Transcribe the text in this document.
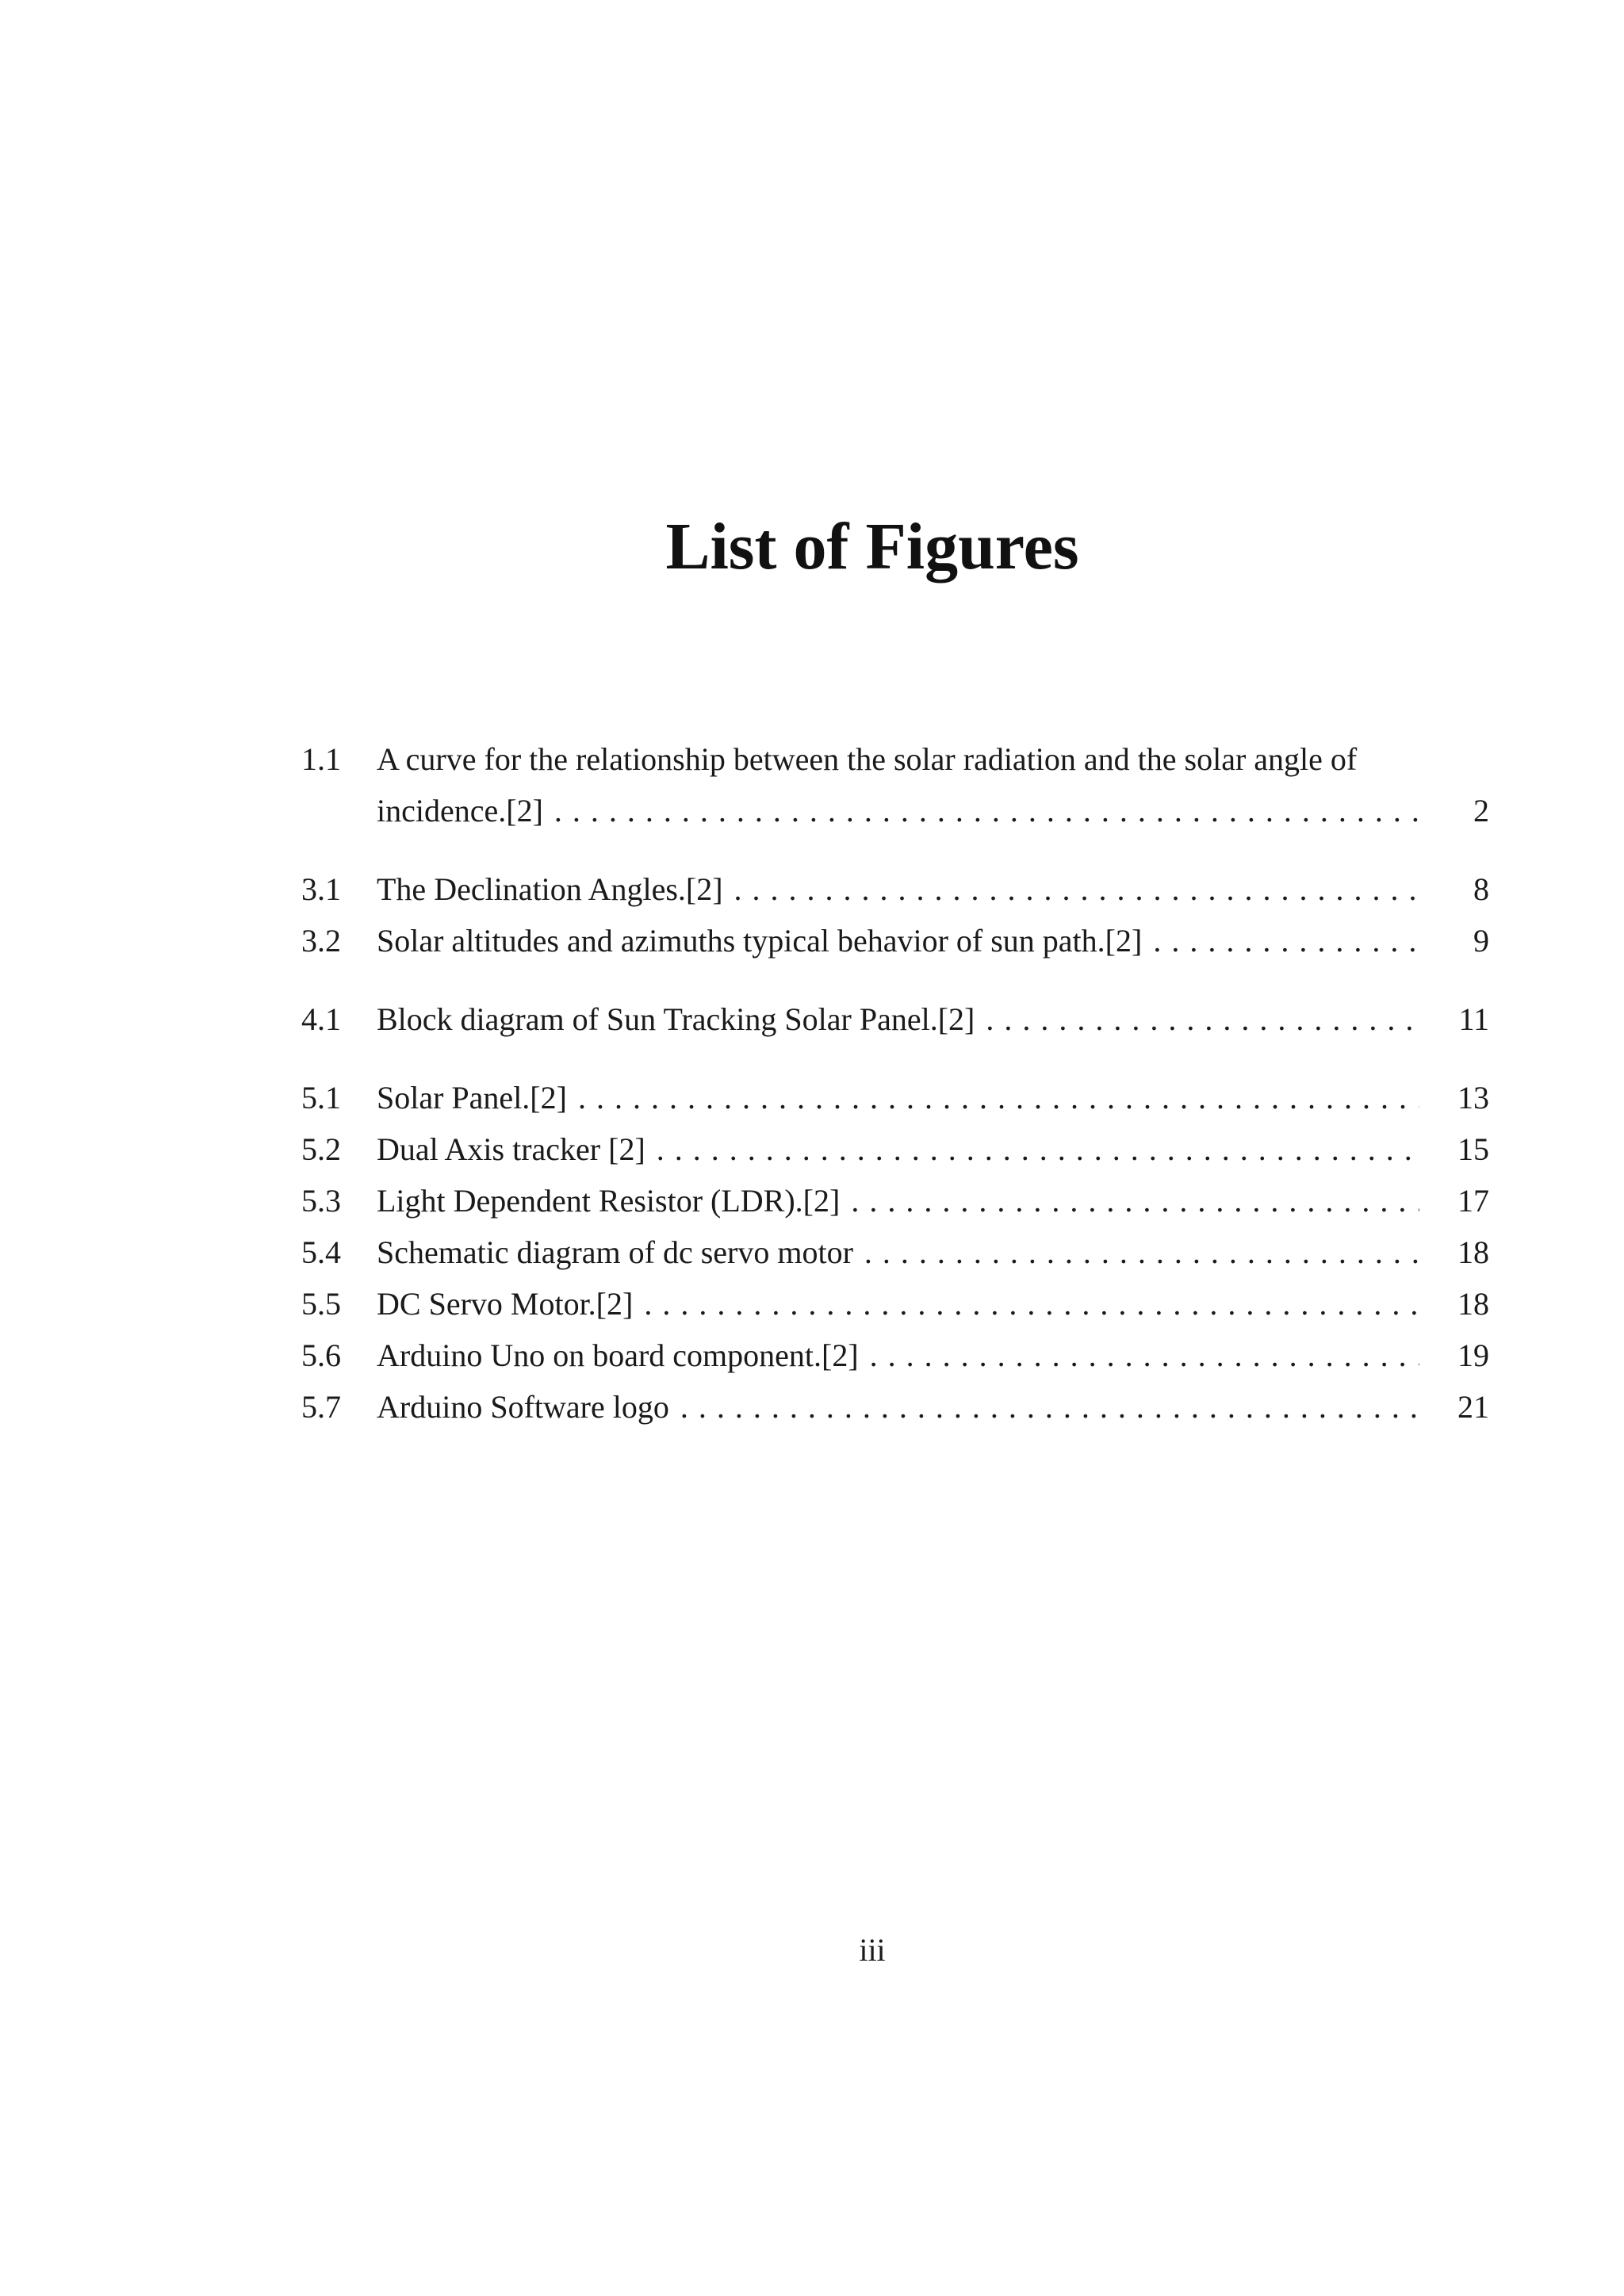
List of Figures
1.1 A curve for the relationship between the solar radiation and the solar angle of
incidence.[2] . . .	2
3.1 The Declination Angles.[2] . . .	8
3.2 Solar altitudes and azimuths typical behavior of sun path.[2] . . .	9
4.1 Block diagram of Sun Tracking Solar Panel.[2] . . .	11
5.1 Solar Panel.[2] . . .	13
5.2 Dual Axis tracker [2] . . .	15
5.3 Light Dependent Resistor (LDR).[2] . . .	17
5.4 Schematic diagram of dc servo motor . . .	18
5.5 DC Servo Motor.[2] . . .	18
5.6 Arduino Uno on board component.[2] . . .	19
5.7 Arduino Software logo . . .	21
iii
